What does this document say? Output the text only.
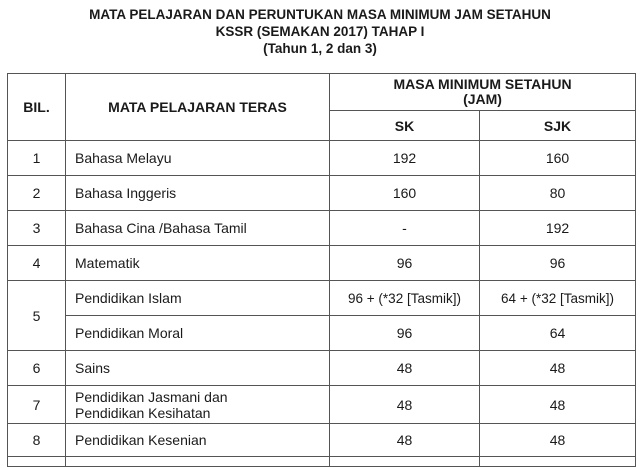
MATA PELAJARAN DAN PERUNTUKAN MASA MINIMUM JAM SETAHUN
KSSR (SEMAKAN 2017) TAHAP I
(Tahun 1, 2 dan 3)
BIL.	MATA PELAJARAN TERAS	MASA MINIMUM SETAHUN
(JAM)	

		SK	SJK
1	Bahasa Melayu	192	160
2	Bahasa Inggeris	160	80
3	Bahasa Cina /Bahasa Tamil	-	192
4	Matematik	96	96
5	Pendidikan Islam	96 + (*32 [Tasmik])	64 + (*32 [Tasmik])
	Pendidikan Moral	96	64
6	Sains	48	48
7	Pendidikan Jasmani dan
Pendidikan Kesihatan	48	48
8	Pendidikan Kesenian	48	48
